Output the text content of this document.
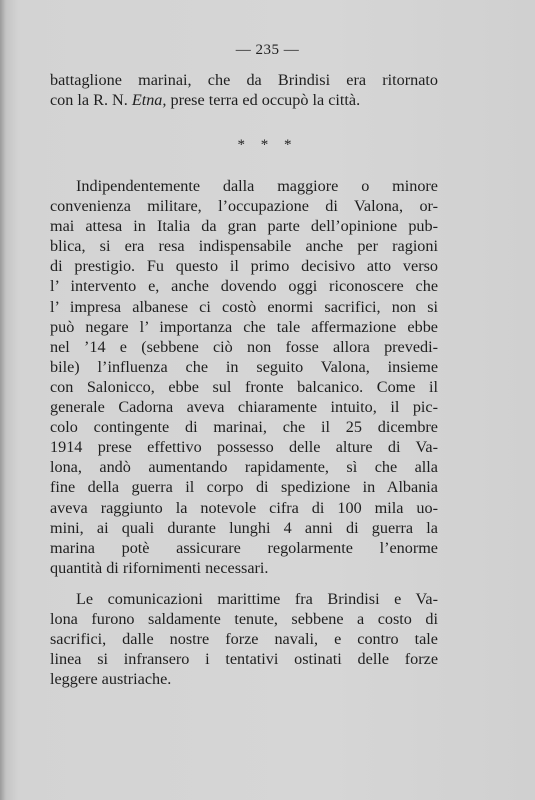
— 235 —
battaglione marinai, che da Brindisi era ritornato
con la R. N. Etna, prese terra ed occupò la città.
* * *
Indipendentemente dalla maggiore o minore
convenienza militare, l’occupazione di Valona, or-
mai attesa in Italia da gran parte dell’opinione pub-
blica, si era resa indispensabile anche per ragioni
di prestigio. Fu questo il primo decisivo atto verso
l’ intervento e, anche dovendo oggi riconoscere che
l’ impresa albanese ci costò enormi sacrifici, non si
può negare l’ importanza che tale affermazione ebbe
nel ’14 e (sebbene ciò non fosse allora prevedi-
bile) l’influenza che in seguito Valona, insieme
con Salonicco, ebbe sul fronte balcanico. Come il
generale Cadorna aveva chiaramente intuito, il pic-
colo contingente di marinai, che il 25 dicembre
1914 prese effettivo possesso delle alture di Va-
lona, andò aumentando rapidamente, sì che alla
fine della guerra il corpo di spedizione in Albania
aveva raggiunto la notevole cifra di 100 mila uo-
mini, ai quali durante lunghi 4 anni di guerra la
marina potè assicurare regolarmente l’enorme
quantità di rifornimenti necessari.
Le comunicazioni marittime fra Brindisi e Va-
lona furono saldamente tenute, sebbene a costo di
sacrifici, dalle nostre forze navali, e contro tale
linea si infransero i tentativi ostinati delle forze
leggere austriache.
